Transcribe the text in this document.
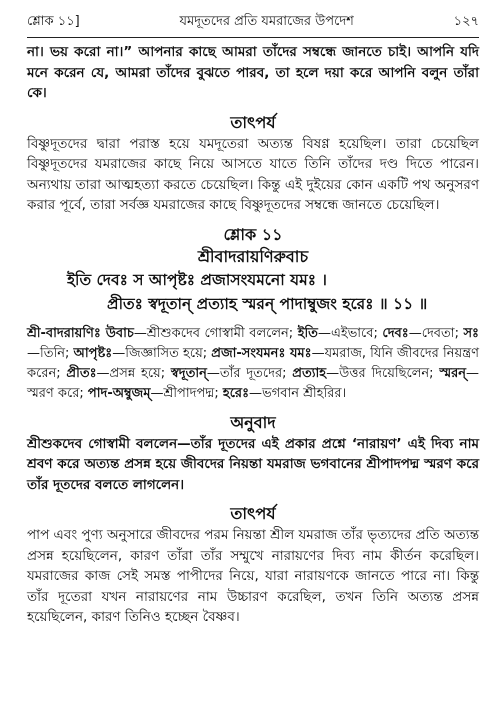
শ্লোক ১১]	যমদূতদের প্রতি যমরাজের উপদেশ	১২৭

না। ভয় করো না।” আপনার কাছে আমরা তাঁদের সম্বন্ধে জানতে চাই। আপনি যদি মনে করেন যে, আমরা তাঁদের বুঝতে পারব, তা হলে দয়া করে আপনি বলুন তাঁরা কে।

তাৎপর্য

বিষ্ণুদূতদের দ্বারা পরাস্ত হয়ে যমদূতেরা অত্যন্ত বিষণ্ণ হয়েছিল। তারা চেয়েছিল বিষ্ণুদূতদের যমরাজের কাছে নিয়ে আসতে যাতে তিনি তাঁদের দণ্ড দিতে পারেন। অন্যথায় তারা আত্মহত্যা করতে চেয়েছিল। কিন্তু এই দুইয়ের কোন একটি পথ অনুসরণ করার পূর্বে, তারা সর্বজ্ঞ যমরাজের কাছে বিষ্ণুদূতদের সম্বন্ধে জানতে চেয়েছিল।

শ্লোক ১১
শ্রীবাদরায়ণিরুবাচ

ইতি দেবঃ স আপৃষ্টঃ প্রজাসংযমনো যমঃ ।

প্রীতঃ স্বদূতান্ প্রত্যাহ স্মরন্ পাদাম্বুজং হরেঃ ॥ ১১ ॥

শ্রী-বাদরায়ণিঃ উবাচ—শ্রীশুকদেব গোস্বামী বললেন; ইতি—এইভাবে; দেবঃ—দেবতা; সঃ—তিনি; আপৃষ্টঃ—জিজ্ঞাসিত হয়ে; প্রজা-সংযমনঃ যমঃ—যমরাজ, যিনি জীবদের নিয়ন্ত্রণ করেন; প্রীতঃ—প্রসন্ন হয়ে; স্বদূতান্—তাঁর দূতদের; প্রত্যাহ—উত্তর দিয়েছিলেন; স্মরন্—স্মরণ করে; পাদ-অম্বুজম্—শ্রীপাদপদ্ম; হরেঃ—ভগবান শ্রীহরির।

অনুবাদ

শ্রীশুকদেব গোস্বামী বললেন—তাঁর দূতদের এই প্রকার প্রশ্নে ‘নারায়ণ’ এই দিব্য নাম শ্রবণ করে অত্যন্ত প্রসন্ন হয়ে জীবদের নিয়ন্তা যমরাজ ভগবানের শ্রীপাদপদ্ম স্মরণ করে তাঁর দূতদের বলতে লাগলেন।

তাৎপর্য

পাপ এবং পুণ্য অনুসারে জীবদের পরম নিয়ন্তা শ্রীল যমরাজ তাঁর ভৃত্যদের প্রতি অত্যন্ত প্রসন্ন হয়েছিলেন, কারণ তাঁরা তাঁর সম্মুখে নারায়ণের দিব্য নাম কীর্তন করেছিল। যমরাজের কাজ সেই সমস্ত পাপীদের নিয়ে, যারা নারায়ণকে জানতে পারে না। কিন্তু তাঁর দূতেরা যখন নারায়ণের নাম উচ্চারণ করেছিল, তখন তিনি অত্যন্ত প্রসন্ন হয়েছিলেন, কারণ তিনিও হচ্ছেন বৈষ্ণব।
